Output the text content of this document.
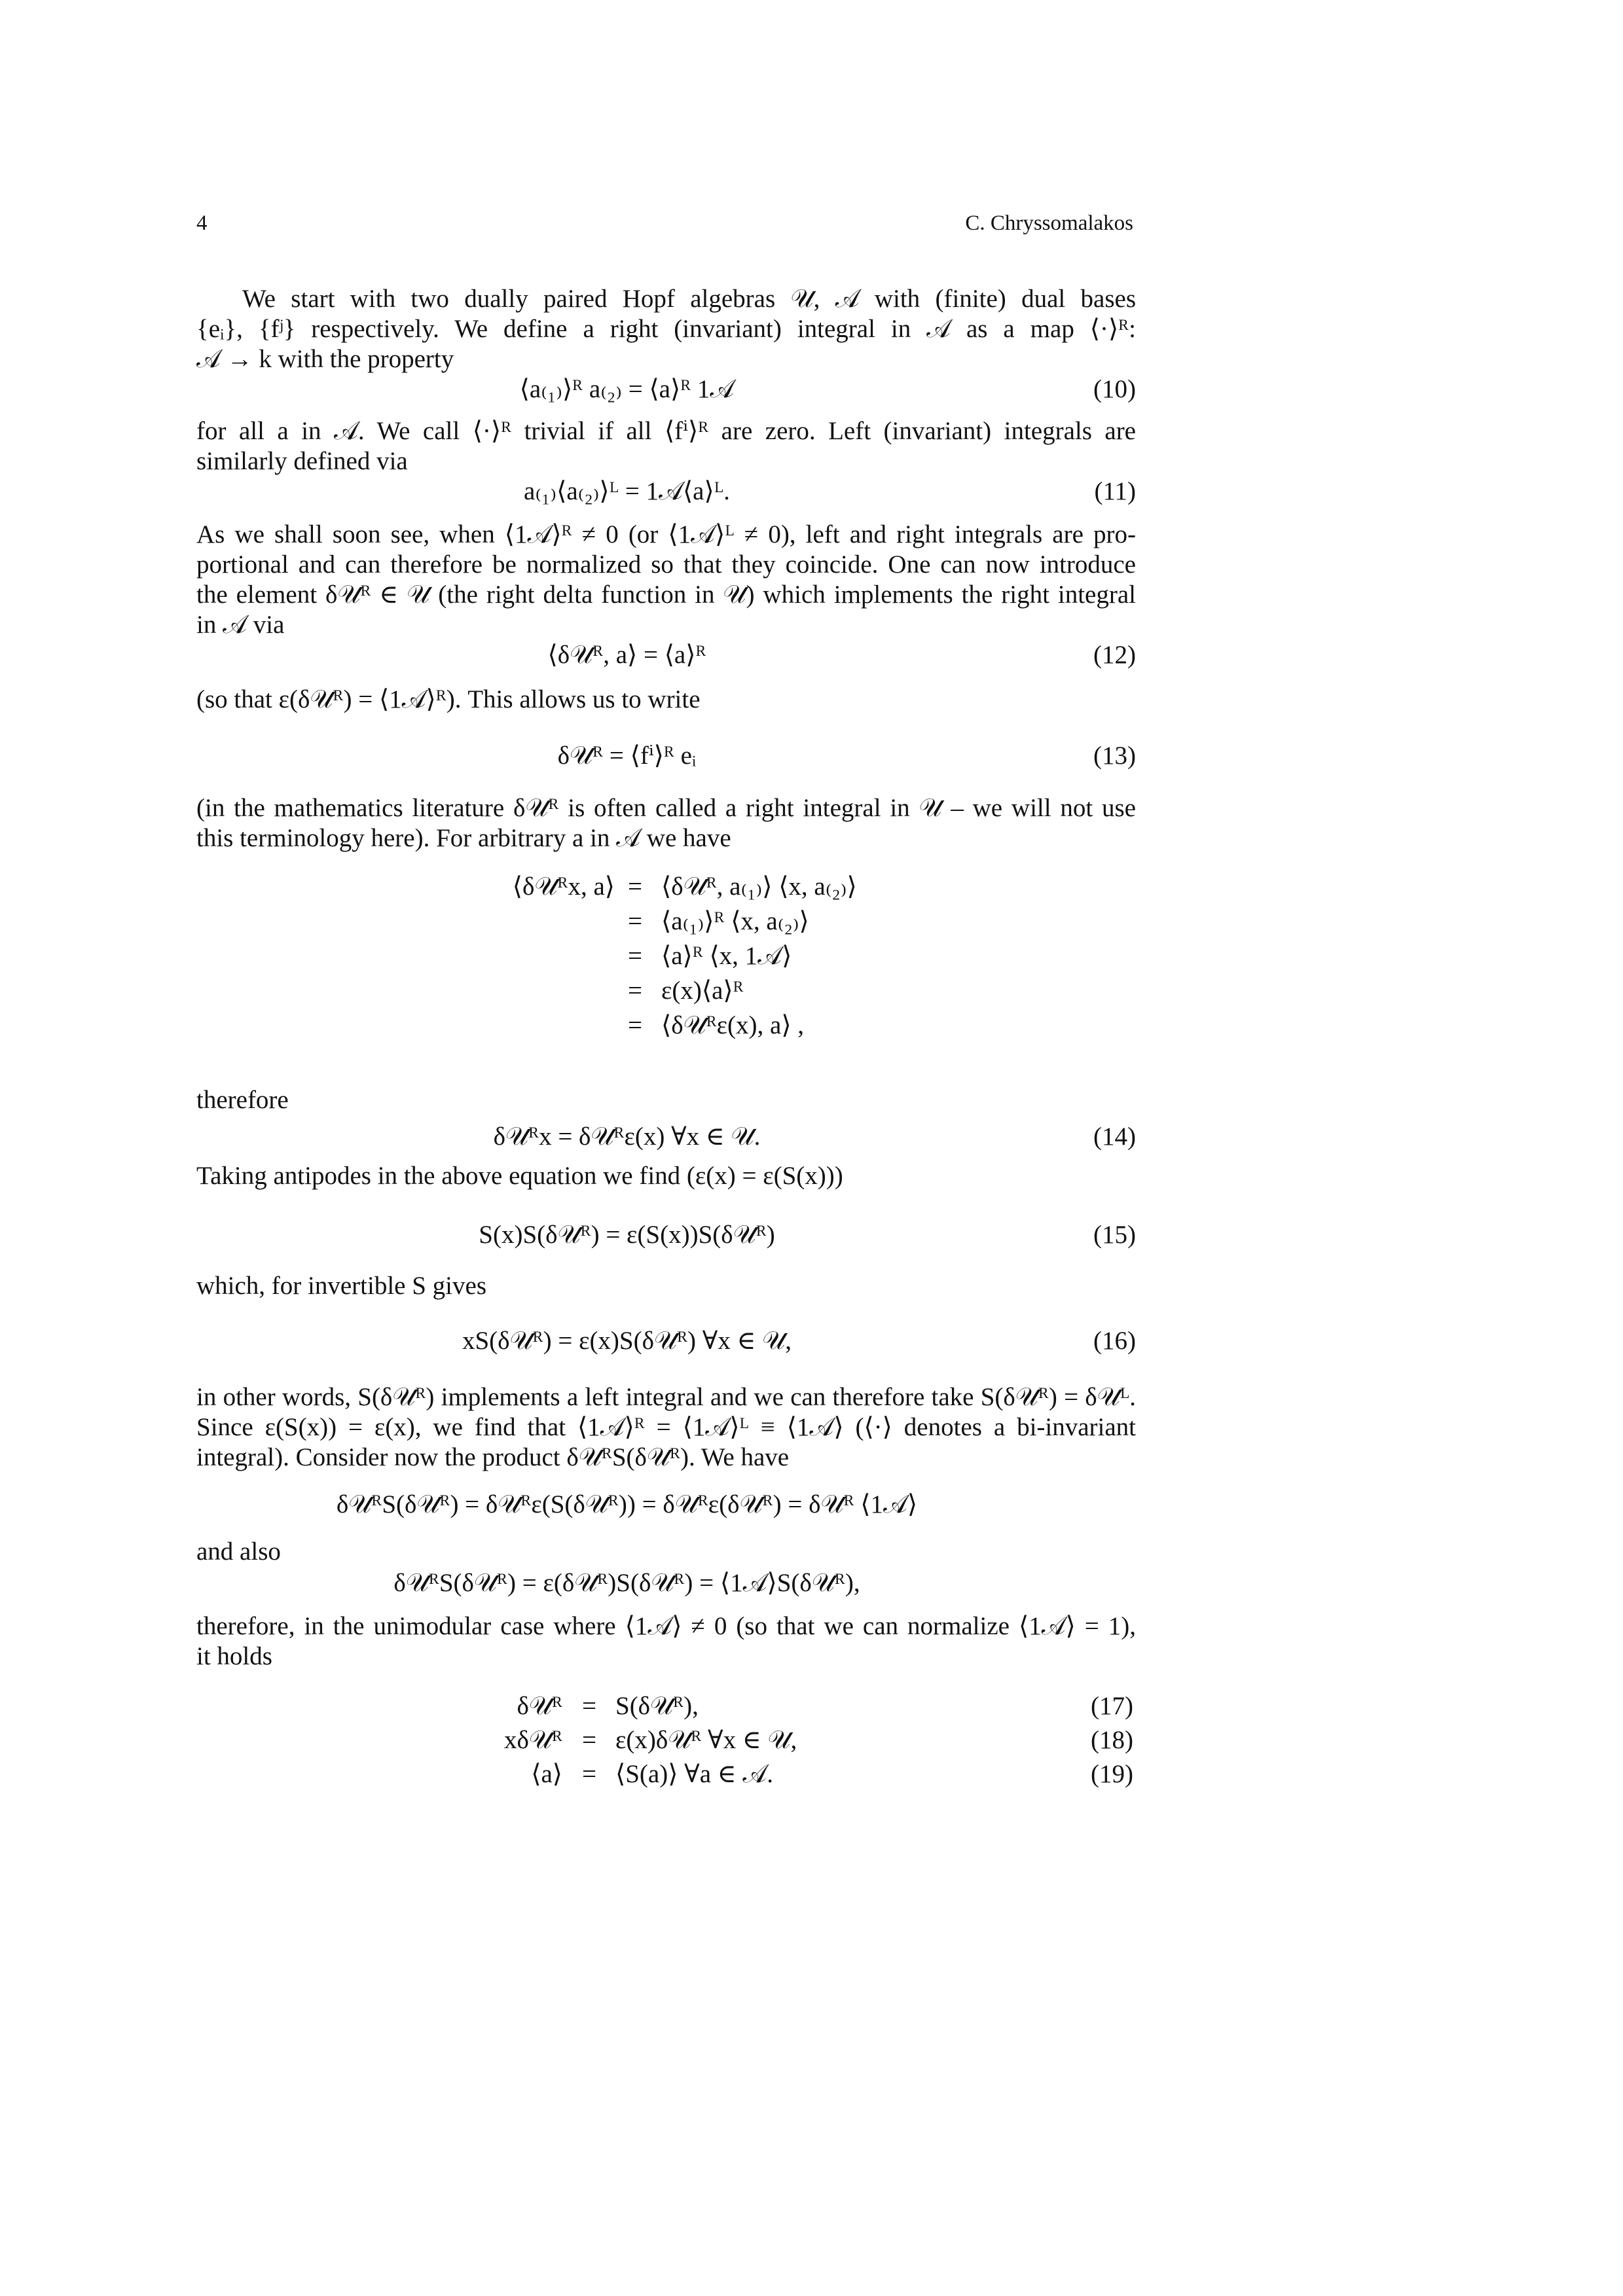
4	C. Chryssomalakos
We start with two dually paired Hopf algebras 𝒰, 𝒜 with (finite) dual bases
{eᵢ}, {fʲ} respectively. We define a right (invariant) integral in 𝒜 as a map ⟨·⟩ᴿ:
𝒜 → k with the property
⟨a₍₁₎⟩ᴿ a₍₂₎ = ⟨a⟩ᴿ 1𝒜	(10)
for all a in 𝒜. We call ⟨·⟩ᴿ trivial if all ⟨fⁱ⟩ᴿ are zero. Left (invariant) integrals are
similarly defined via
a₍₁₎⟨a₍₂₎⟩ᴸ = 1𝒜⟨a⟩ᴸ.	(11)
As we shall soon see, when ⟨1𝒜⟩ᴿ ≠ 0 (or ⟨1𝒜⟩ᴸ ≠ 0), left and right integrals are pro-
portional and can therefore be normalized so that they coincide. One can now introduce
the element δ𝒰ᴿ ∈ 𝒰 (the right delta function in 𝒰) which implements the right integral
in 𝒜 via
⟨δ𝒰ᴿ, a⟩ = ⟨a⟩ᴿ	(12)
(so that ε(δ𝒰ᴿ) = ⟨1𝒜⟩ᴿ). This allows us to write
δ𝒰ᴿ = ⟨fⁱ⟩ᴿ eᵢ	(13)
(in the mathematics literature δ𝒰ᴿ is often called a right integral in 𝒰 – we will not use
this terminology here). For arbitrary a in 𝒜 we have
⟨δ𝒰ᴿx, a⟩ = ⟨δ𝒰ᴿ, a₍₁₎⟩ ⟨x, a₍₂₎⟩
= ⟨a₍₁₎⟩ᴿ ⟨x, a₍₂₎⟩
= ⟨a⟩ᴿ ⟨x, 1𝒜⟩
= ε(x)⟨a⟩ᴿ
= ⟨δ𝒰ᴿε(x), a⟩ ,
therefore
δ𝒰ᴿx = δ𝒰ᴿε(x) ∀x ∈ 𝒰.	(14)
Taking antipodes in the above equation we find (ε(x) = ε(S(x)))
S(x)S(δ𝒰ᴿ) = ε(S(x))S(δ𝒰ᴿ)	(15)
which, for invertible S gives
xS(δ𝒰ᴿ) = ε(x)S(δ𝒰ᴿ) ∀x ∈ 𝒰,	(16)
in other words, S(δ𝒰ᴿ) implements a left integral and we can therefore take S(δ𝒰ᴿ) = δ𝒰ᴸ.
Since ε(S(x)) = ε(x), we find that ⟨1𝒜⟩ᴿ = ⟨1𝒜⟩ᴸ ≡ ⟨1𝒜⟩ (⟨·⟩ denotes a bi-invariant
integral). Consider now the product δ𝒰ᴿS(δ𝒰ᴿ). We have
δ𝒰ᴿS(δ𝒰ᴿ) = δ𝒰ᴿε(S(δ𝒰ᴿ)) = δ𝒰ᴿε(δ𝒰ᴿ) = δ𝒰ᴿ ⟨1𝒜⟩
and also
δ𝒰ᴿS(δ𝒰ᴿ) = ε(δ𝒰ᴿ)S(δ𝒰ᴿ) = ⟨1𝒜⟩S(δ𝒰ᴿ),
therefore, in the unimodular case where ⟨1𝒜⟩ ≠ 0 (so that we can normalize ⟨1𝒜⟩ = 1),
it holds
δ𝒰ᴿ = S(δ𝒰ᴿ),	(17)
xδ𝒰ᴿ = ε(x)δ𝒰ᴿ ∀x ∈ 𝒰,	(18)
⟨a⟩ = ⟨S(a)⟩ ∀a ∈ 𝒜.	(19)
